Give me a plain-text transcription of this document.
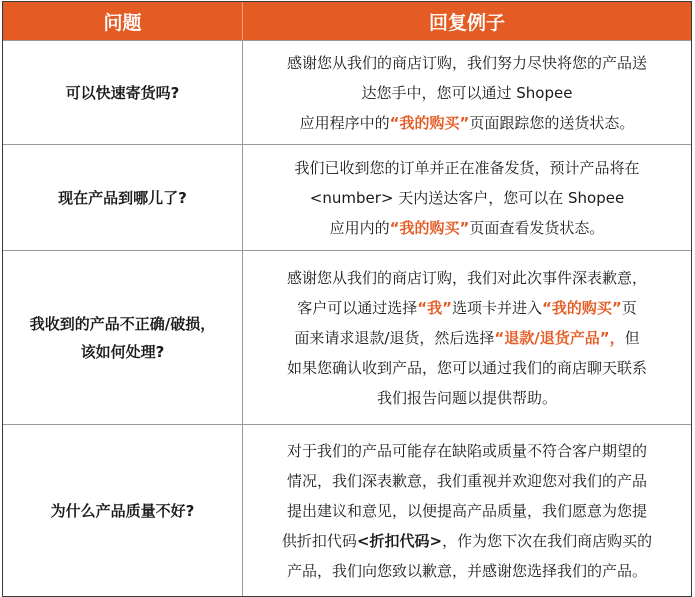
问题	回复例子
可以快速寄货吗?
感谢您从我们的商店订购，我们努力尽快将您的产品送
达您手中，您可以通过 Shopee
应用程序中的“我的购买”页面跟踪您的送货状态。
现在产品到哪儿了?
我们已收到您的订单并正在准备发货，预计产品将在
<number> 天内送达客户，您可以在 Shopee
应用内的“我的购买”页面查看发货状态。
我收到的产品不正确/破损，
该如何处理?
感谢您从我们的商店订购，我们对此次事件深表歉意，
客户可以通过选择“我”选项卡并进入“我的购买”页
面来请求退款/退货，然后选择“退款/退货产品”，但
如果您确认收到产品，您可以通过我们的商店聊天联系
我们报告问题以提供帮助。
为什么产品质量不好?
对于我们的产品可能存在缺陷或质量不符合客户期望的
情况，我们深表歉意，我们重视并欢迎您对我们的产品
提出建议和意见，以便提高产品质量，我们愿意为您提
供折扣代码<折扣代码>，作为您下次在我们商店购买的
产品，我们向您致以歉意，并感谢您选择我们的产品。
